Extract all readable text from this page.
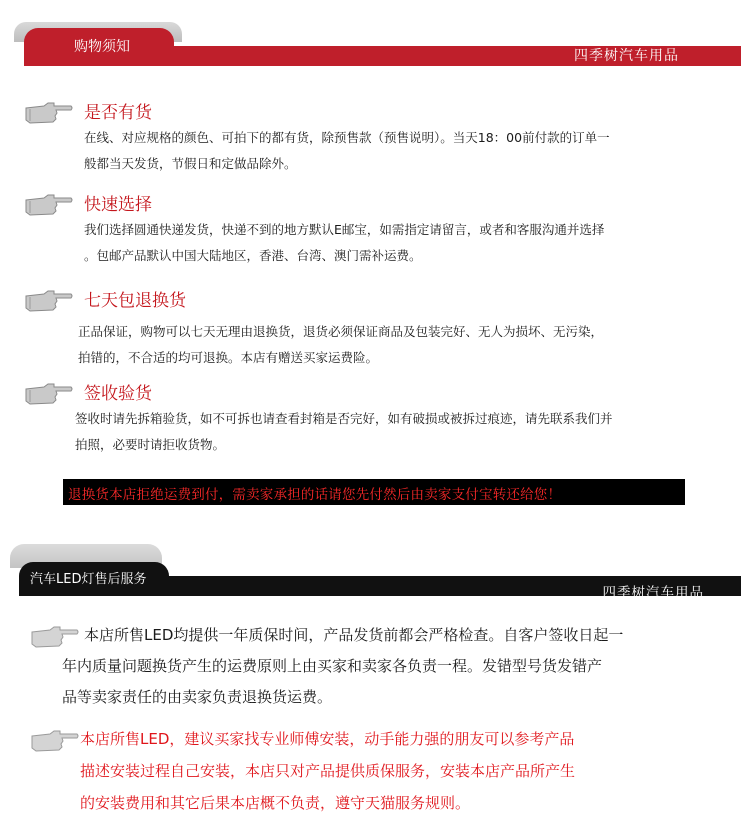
购物须知
四季树汽车用品
是否有货
在线、对应规格的颜色、可拍下的都有货，除预售款（预售说明）。当天18：00前付款的订单一
般都当天发货，节假日和定做品除外。
快速选择
我们选择圆通快递发货，快递不到的地方默认E邮宝，如需指定请留言，或者和客服沟通并选择
。包邮产品默认中国大陆地区，香港、台湾、澳门需补运费。
七天包退换货
正品保证，购物可以七天无理由退换货，退货必须保证商品及包装完好、无人为损坏、无污染，
拍错的，不合适的均可退换。本店有赠送买家运费险。
签收验货
签收时请先拆箱验货，如不可拆也请查看封箱是否完好，如有破损或被拆过痕迹，请先联系我们并
拍照，必要时请拒收货物。
退换货本店拒绝运费到付，需卖家承担的话请您先付然后由卖家支付宝转还给您！
汽车LED灯售后服务
四季树汽车用品
本店所售LED均提供一年质保时间，产品发货前都会严格检查。自客户签收日起一
年内质量问题换货产生的运费原则上由买家和卖家各负责一程。发错型号货发错产
品等卖家责任的由卖家负责退换货运费。
本店所售LED，建议买家找专业师傅安装，动手能力强的朋友可以参考产品
描述安装过程自己安装，本店只对产品提供质保服务，安装本店产品所产生
的安装费用和其它后果本店概不负责，遵守天猫服务规则。
